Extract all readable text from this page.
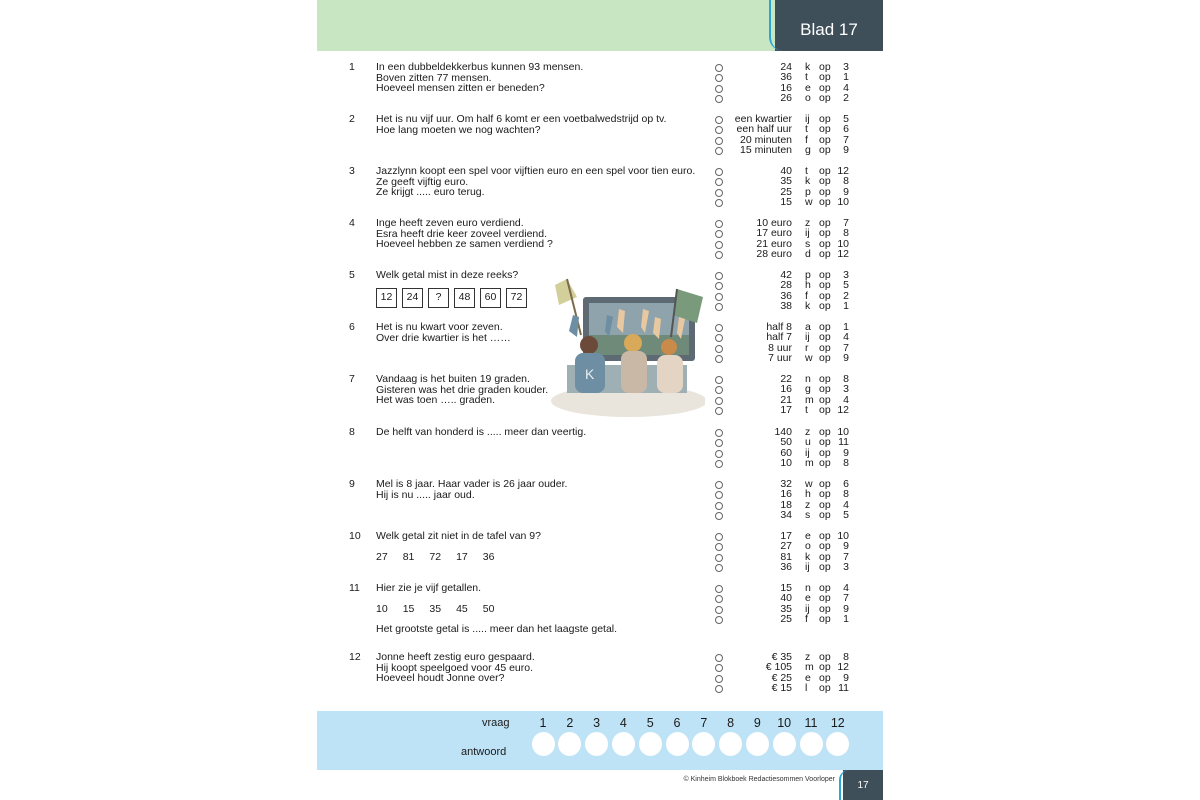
Blad 17
1 In een dubbeldekkerbus kunnen 93 mensen.
Boven zitten 77 mensen.
Hoeveel mensen zitten er beneden?
24 k op	3
36 t op	1
16 e op	4
26 o op	2
2 Het is nu vijf uur. Om half 6 komt er een voetbalwedstrijd op tv.
Hoe lang moeten we nog wachten?
een kwartier ij op	5
een half uur t op	6
20 minuten f op	7
15 minuten g op	9
3 Jazzlynn koopt een spel voor vijftien euro en een spel voor tien euro.
Ze geeft vijftig euro.
Ze krijgt ..... euro terug.
40 t op 12
35 k op	8
25 p op	9
15 w op 10
4 Inge heeft zeven euro verdiend.
Esra heeft drie keer zoveel verdiend.
Hoeveel hebben ze samen verdiend ?
10 euro z op	7
17 euro ij op	8
21 euro s op 10
28 euro d op 12
5 Welk getal mist in deze reeks?
12	24	?	48	60	72
42 p op	3
28 h op	5
36 f op	2
38 k op	1
6 Het is nu kwart voor zeven.
Over drie kwartier is het ……
half 8 a op	1
half 7 ij op	4
8 uur r op	7
7 uur w op	9
7 Vandaag is het buiten 19 graden.
Gisteren was het drie graden kouder.
Het was toen ….. graden.
22 n op	8
16 g op	3
21 m op	4
17 t op 12
8 De helft van honderd is ..... meer dan veertig.	140 z op 10
50 u op 11
60 ij op	9
10 m op	8
9 Mel is 8 jaar. Haar vader is 26 jaar ouder.
Hij is nu ..... jaar oud.
32 w op	6
16 h op	8
18 z op	4
34 s op	5
10 Welk getal zit niet in de tafel van 9?
27 81 72 17 36
17 e op 10
27 o op	9
81 k op	7
36 ij op	3
11 Hier zie je vijf getallen.
10 15 35 45 50
Het grootste getal is ..... meer dan het laagste getal.
15 n op	4
40 e op	7
35 ij op	9
25 f op	1
12 Jonne heeft zestig euro gespaard.
Hij koopt speelgoed voor 45 euro.
Hoeveel houdt Jonne over?
€ 35 z op	8
€ 105 m op 12
€ 25 e op	9
€ 15 l op 11
K
vraag
antwoord
1	2	3	4	5	6	7	8	9	10	11	12
© Kinheim Blokboek Redactiesommen Voorloper	17
